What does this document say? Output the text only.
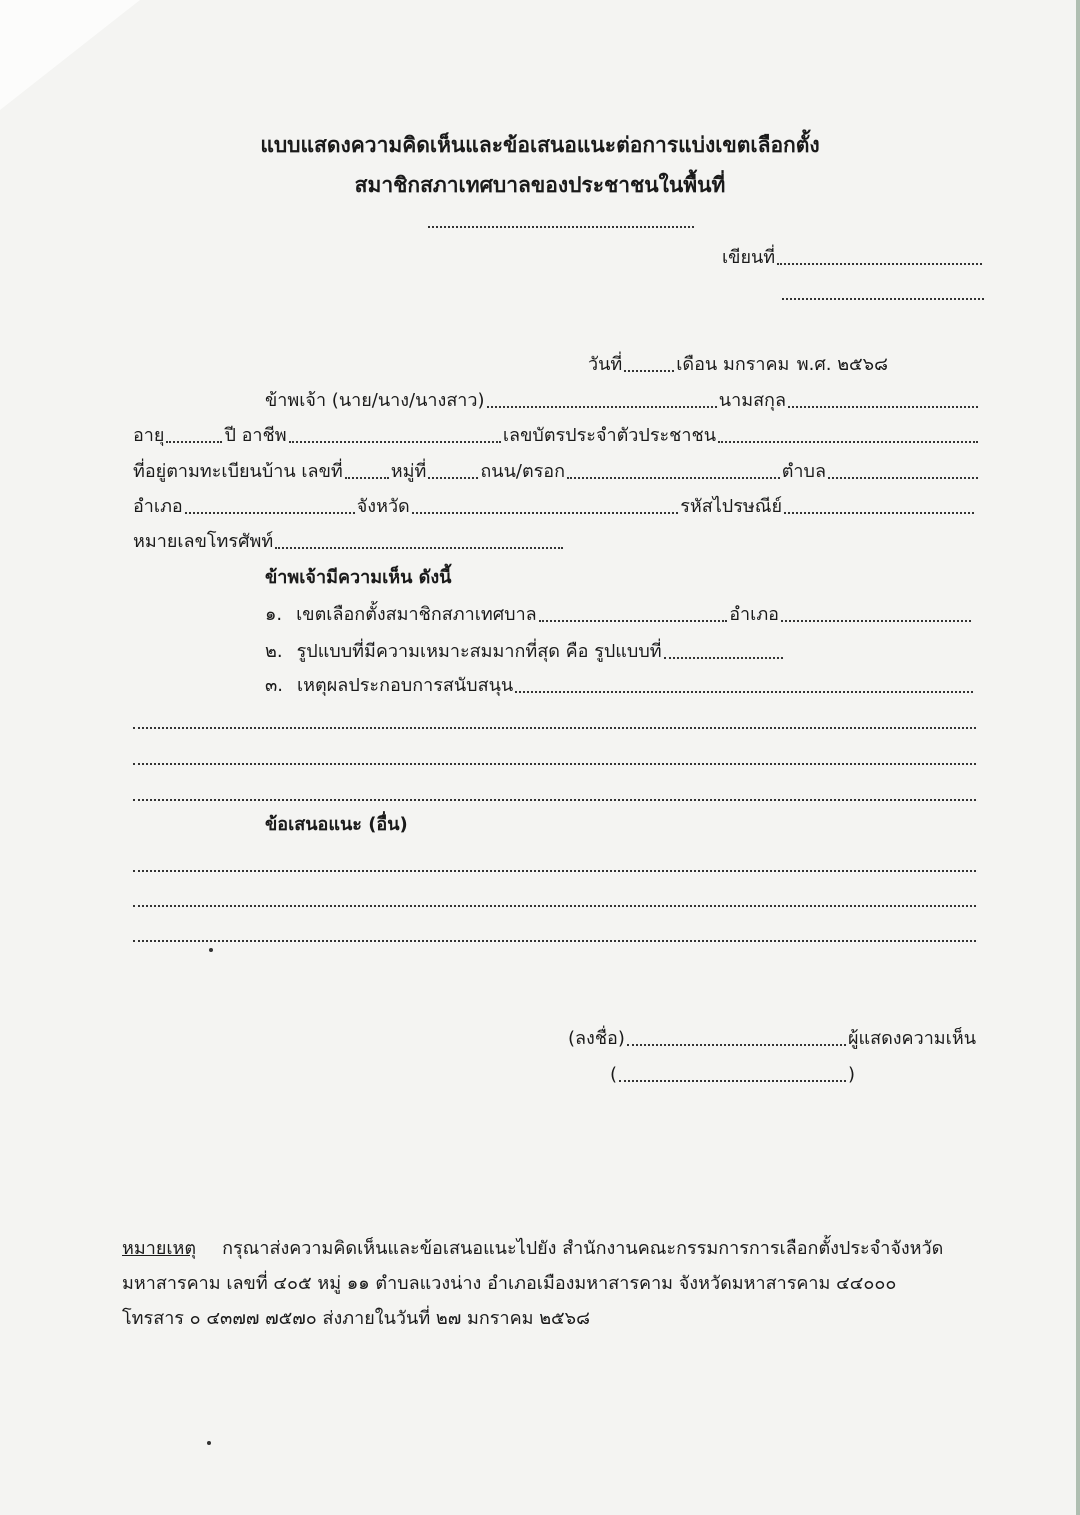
แบบแสดงความคิดเห็นและข้อเสนอแนะต่อการแบ่งเขตเลือกตั้ง
สมาชิกสภาเทศบาลของประชาชนในพื้นที่
เขียนที่
วันที่	เดือน มกราคม พ.ศ. ๒๕๖๘
ข้าพเจ้า (นาย/นาง/นางสาว)	นามสกุล
อายุ	ปี อาชีพ	เลขบัตรประจำตัวประชาชน
ที่อยู่ตามทะเบียนบ้าน เลขที่	หมู่ที่	ถนน/ตรอก	ตำบล
อำเภอ	จังหวัด	รหัสไปรษณีย์
หมายเลขโทรศัพท์
ข้าพเจ้ามีความเห็น ดังนี้
๑. เขตเลือกตั้งสมาชิกสภาเทศบาล	อำเภอ
๒. รูปแบบที่มีความเหมาะสมมากที่สุด คือ รูปแบบที่
๓. เหตุผลประกอบการสนับสนุน
ข้อเสนอแนะ (อื่น)
(ลงชื่อ)	ผู้แสดงความเห็น
(	)
หมายเหตุ กรุณาส่งความคิดเห็นและข้อเสนอแนะไปยัง สำนักงานคณะกรรมการการเลือกตั้งประจำจังหวัด
มหาสารคาม เลขที่ ๔๐๕ หมู่ ๑๑ ตำบลแวงน่าง อำเภอเมืองมหาสารคาม จังหวัดมหาสารคาม ๔๔๐๐๐
โทรสาร ๐ ๔๓๗๗ ๗๕๗๐ ส่งภายในวันที่ ๒๗ มกราคม ๒๕๖๘
